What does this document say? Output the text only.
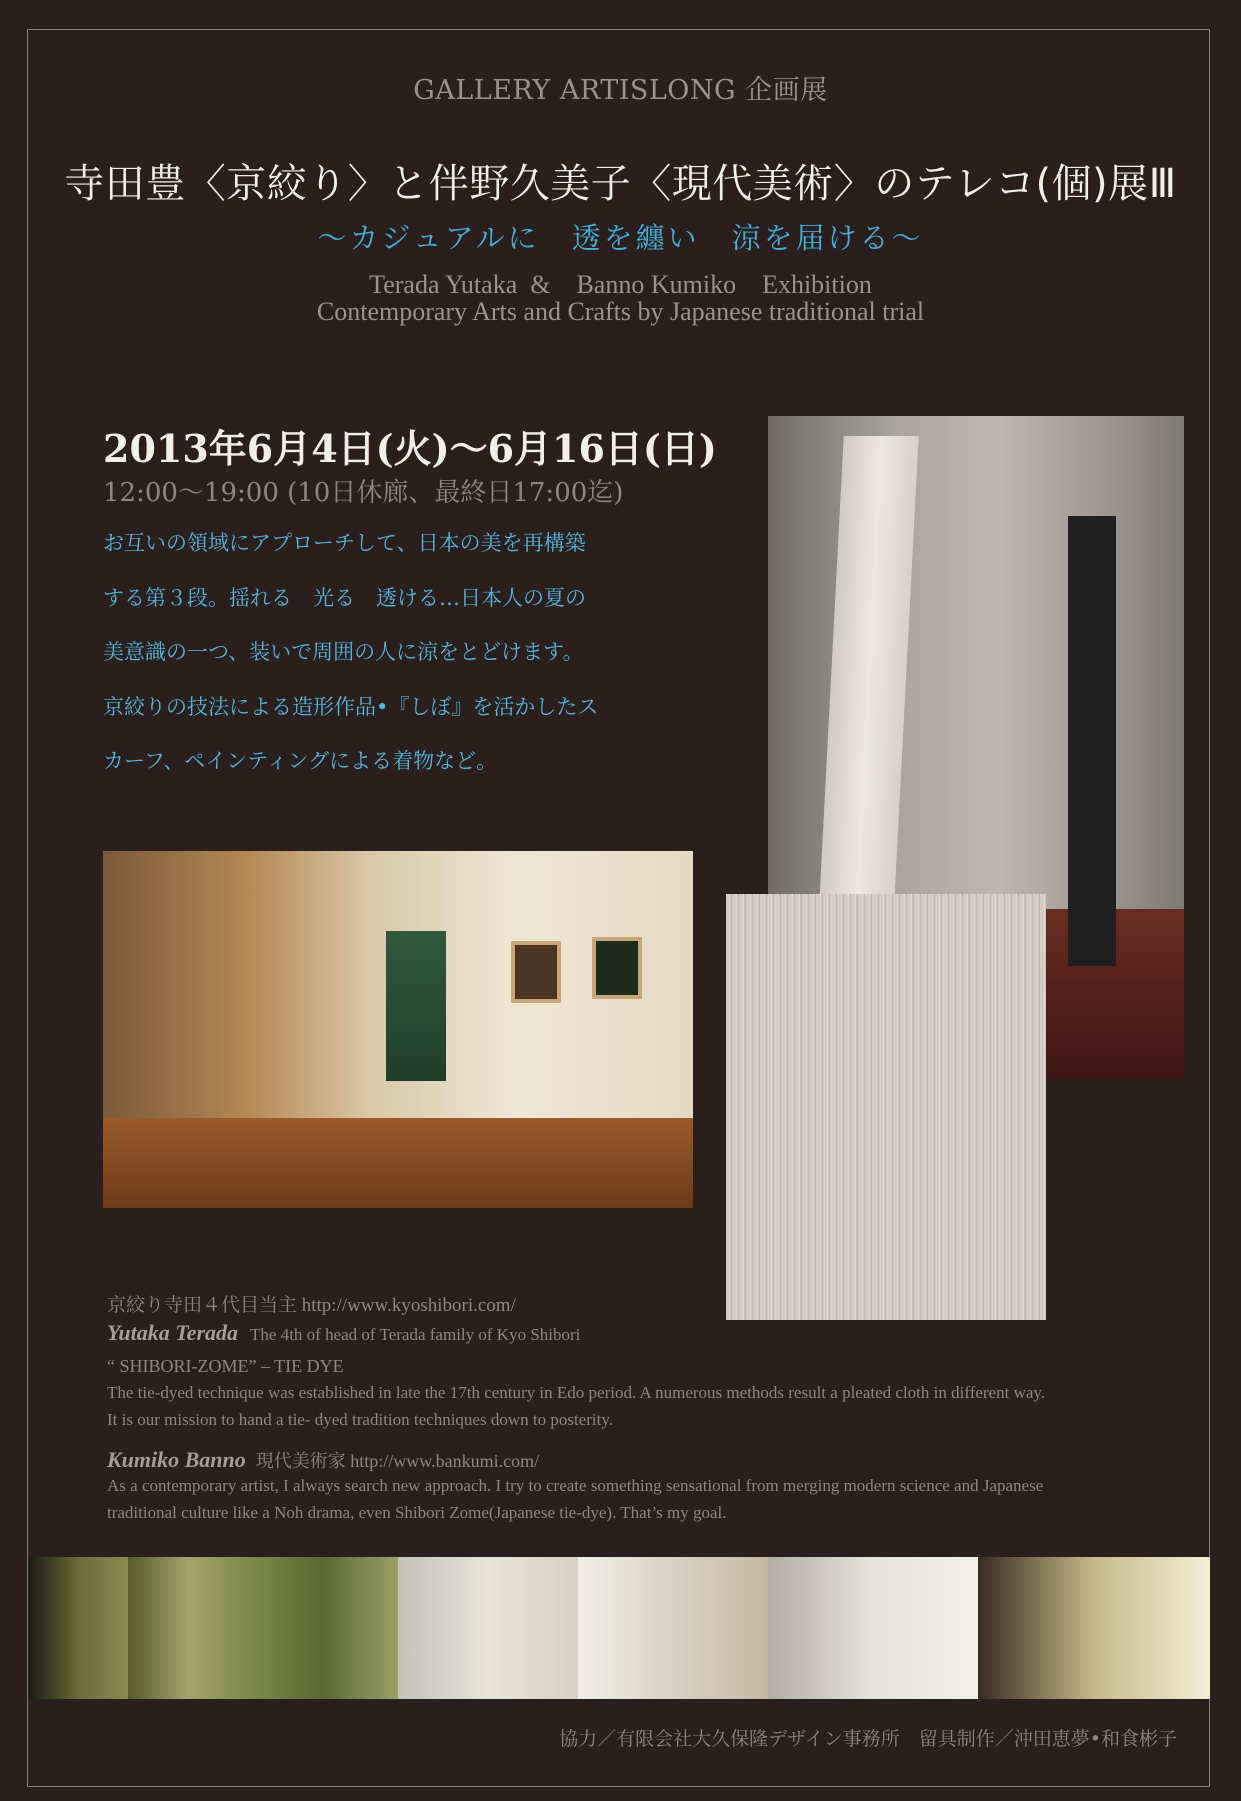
GALLERY ARTISLONG 企画展
寺田豊〈京絞り〉と伴野久美子〈現代美術〉のテレコ(個)展Ⅲ
〜カジュアルに　透を纏い　涼を届ける〜
Terada Yutaka  &    Banno Kumiko    Exhibition
Contemporary Arts and Crafts by Japanese traditional trial
2013年6月4日(火)〜6月16日(日)
12:00〜19:00 (10日休廊、最終日17:00迄)
お互いの領域にアプローチして、日本の美を再構築
する第３段。揺れる　光る　透ける…日本人の夏の
美意識の一つ、装いで周囲の人に涼をとどけます。
京絞りの技法による造形作品•『しぼ』を活かしたス
カーフ、ペインティングによる着物など。
京絞り寺田４代目当主 http://www.kyoshibori.com/
Yutaka Terada The 4th of head of Terada family of Kyo Shibori
“ SHIBORI-ZOME” – TIE DYE
The tie-dyed technique was established in late the 17th century in Edo period. A numerous methods result a pleated cloth in different way.
It is our mission to hand a tie- dyed tradition techniques down to posterity.
Kumiko Banno 現代美術家 http://www.bankumi.com/
As a contemporary artist, I always search new approach. I try to create something sensational from merging modern science and Japanese
traditional culture like a Noh drama, even Shibori Zome(Japanese tie-dye). That’s my goal.
協力／有限会社大久保隆デザイン事務所　留具制作／沖田恵夢•和食彬子
